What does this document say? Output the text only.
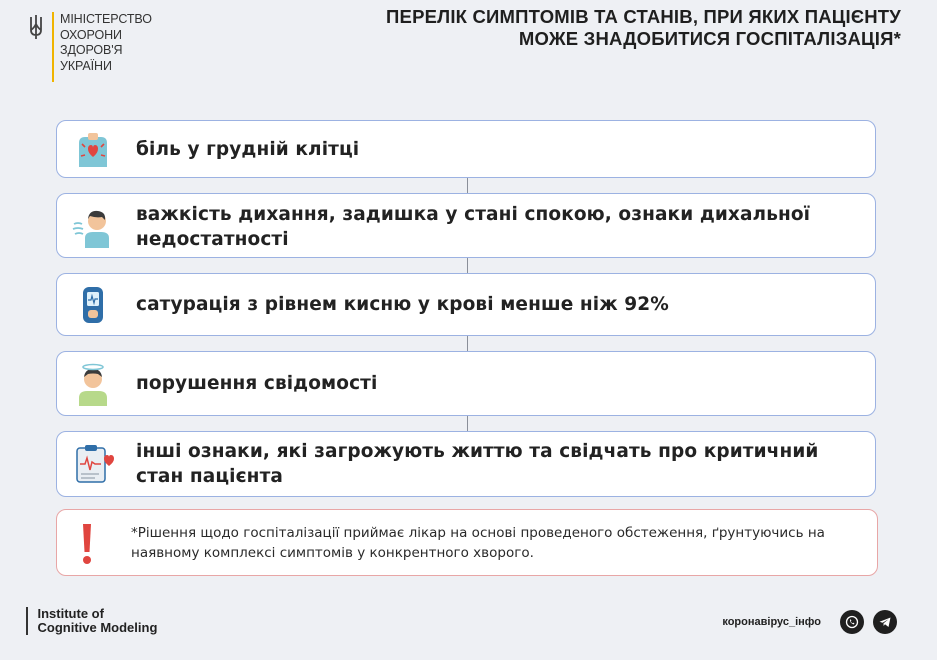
МІНІСТЕРСТВО
ОХОРОНИ
ЗДОРОВ'Я
УКРАЇНИ
ПЕРЕЛІК СИМПТОМІВ ТА СТАНІВ, ПРИ ЯКИХ ПАЦІЄНТУ
МОЖЕ ЗНАДОБИТИСЯ ГОСПІТАЛІЗАЦІЯ*
біль у грудній клітці
важкість дихання, задишка у стані спокою, ознаки дихальної недостатності
сатурація з рівнем кисню у крові менше ніж 92%
порушення свідомості
інші ознаки, які загрожують життю та свідчать про критичний стан пацієнта
*Рішення щодо госпіталізації приймає лікар на основі проведеного обстеження, ґрунтуючись на наявному комплексі симптомів у конкрентного хворого.
Institute of
Cognitive Modeling	коронавірус_інфо
